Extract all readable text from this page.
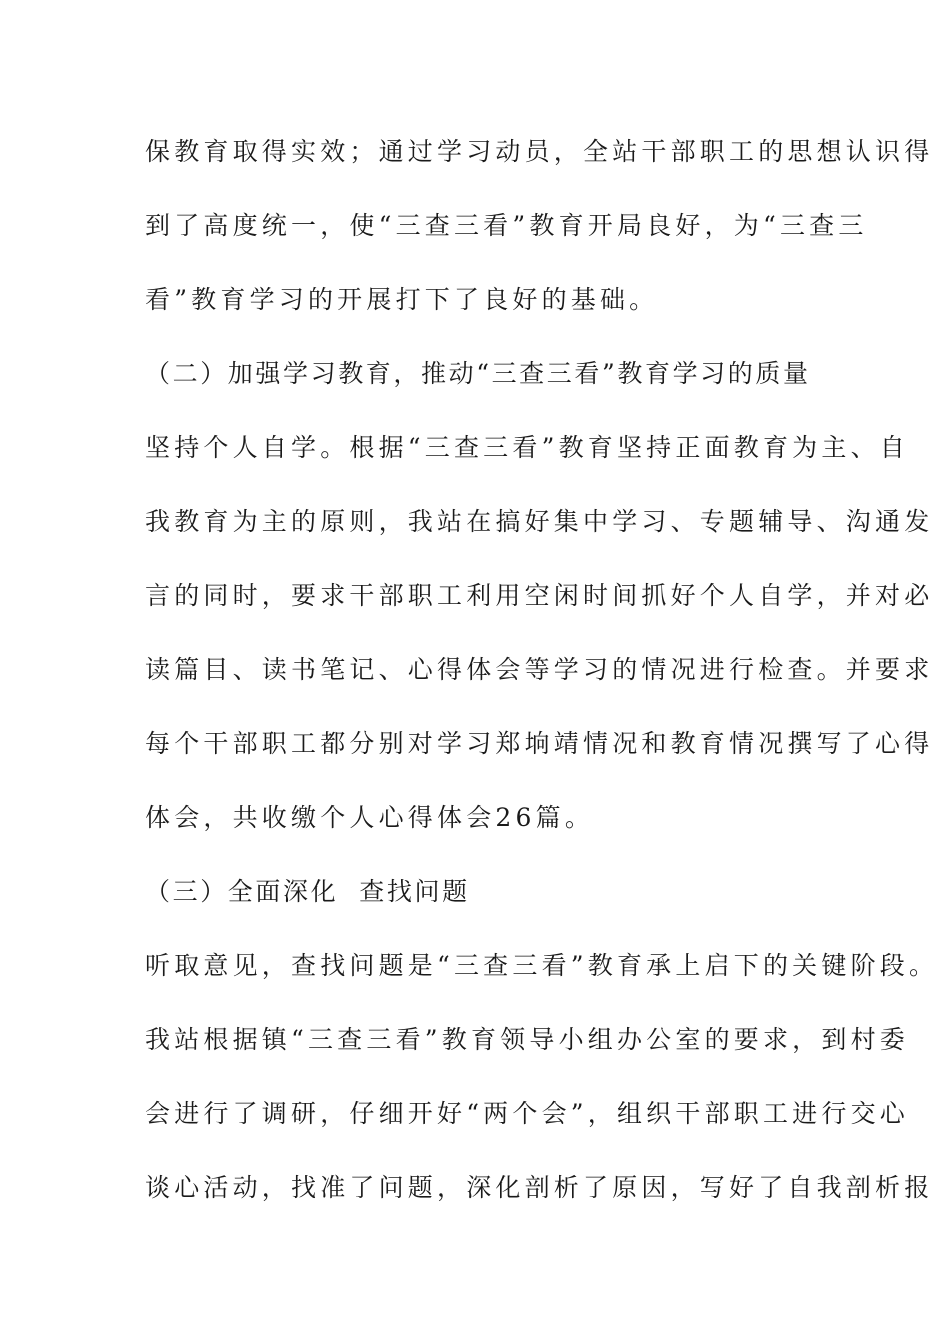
保教育取得实效；通过学习动员，全站干部职工的思想认识得
到了高度统一，使“三查三看”教育开局良好，为“三查三
看”教育学习的开展打下了良好的基础。
（二）加强学习教育，推动“三查三看”教育学习的质量
坚持个人自学。根据“三查三看”教育坚持正面教育为主、自
我教育为主的原则，我站在搞好集中学习、专题辅导、沟通发
言的同时，要求干部职工利用空闲时间抓好个人自学，并对必
读篇目、读书笔记、心得体会等学习的情况进行检查。并要求
每个干部职工都分别对学习郑垧靖情况和教育情况撰写了心得
体会，共收缴个人心得体会26篇。
（三）全面深化  查找问题
听取意见，查找问题是“三查三看”教育承上启下的关键阶段。
我站根据镇“三查三看”教育领导小组办公室的要求，到村委
会进行了调研，仔细开好“两个会”，组织干部职工进行交心
谈心活动，找准了问题，深化剖析了原因，写好了自我剖析报
